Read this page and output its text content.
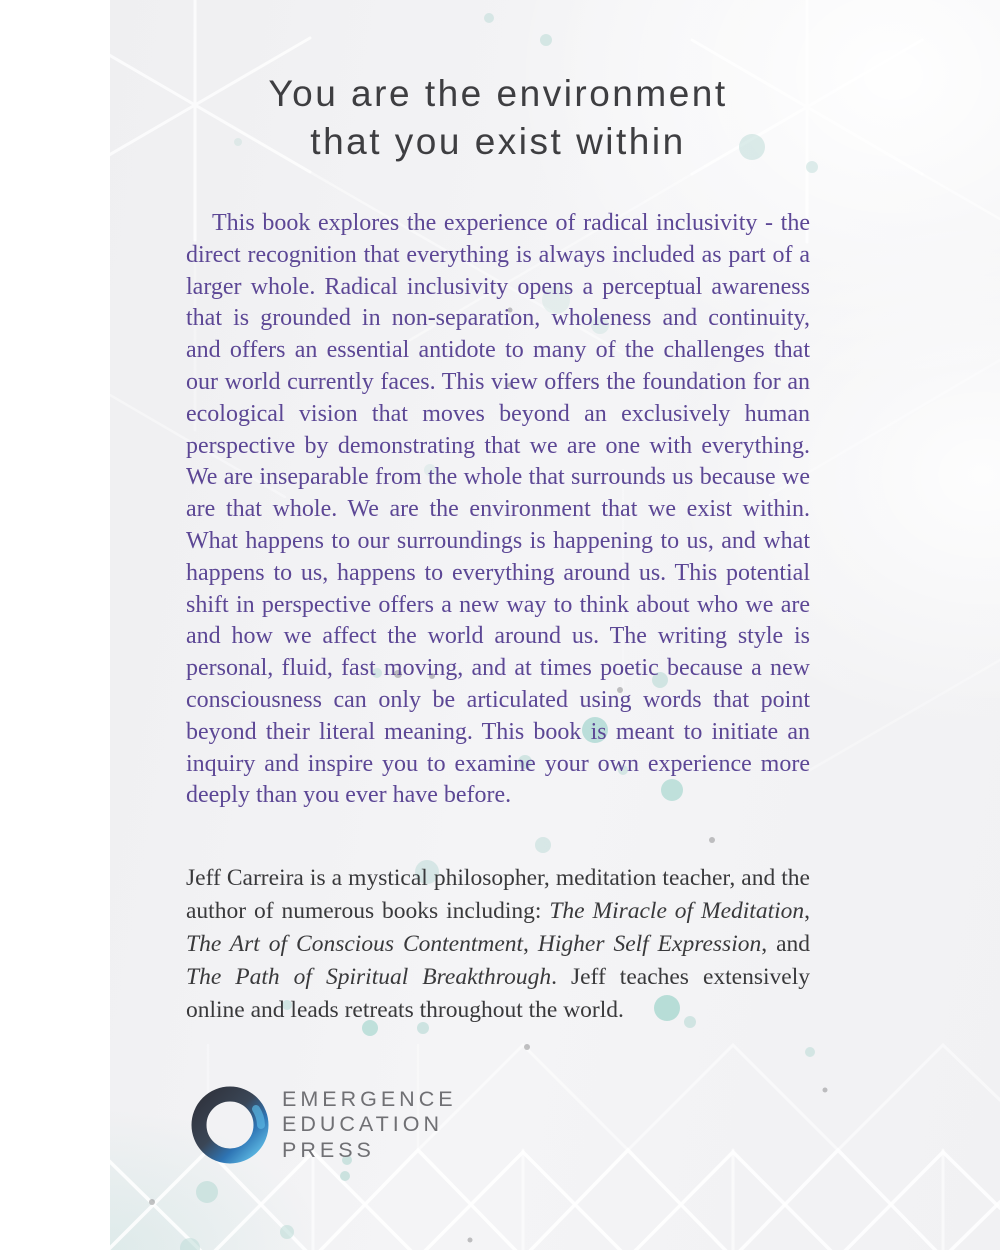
You are the environment
that you exist within

This book explores the experience of radical inclusivity - the direct recognition that everything is always included as part of a larger whole. Radical inclusivity opens a perceptual awareness that is grounded in non-separation, wholeness and continuity, and offers an essential antidote to many of the challenges that our world currently faces. This view offers the foundation for an ecological vision that moves beyond an exclusively human perspective by demonstrating that we are one with everything. We are inseparable from the whole that surrounds us because we are that whole. We are the environment that we exist within. What happens to our surroundings is happening to us, and what happens to us, happens to everything around us. This potential shift in perspective offers a new way to think about who we are and how we affect the world around us. The writing style is personal, fluid, fast moving, and at times poetic because a new consciousness can only be articulated using words that point beyond their literal meaning. This book is meant to initiate an inquiry and inspire you to examine your own experience more deeply than you ever have before.

Jeff Carreira is a mystical philosopher, meditation teacher, and the author of numerous books including: The Miracle of Meditation, The Art of Conscious Contentment, Higher Self Expression, and The Path of Spiritual Breakthrough. Jeff teaches extensively online and leads retreats throughout the world.

EMERGENCE
EDUCATION
PRESS
